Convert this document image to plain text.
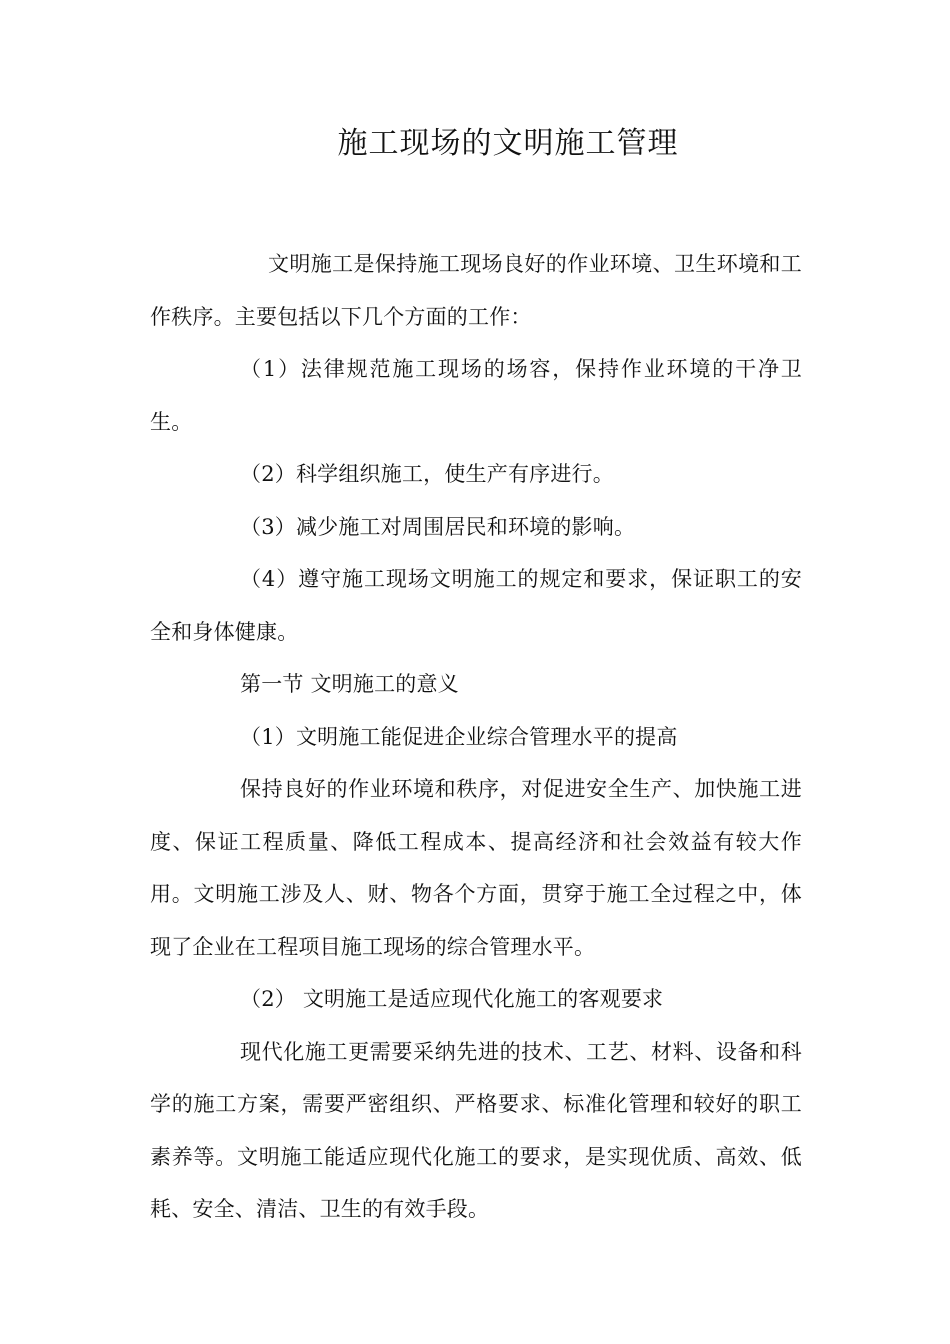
施工现场的文明施工管理

文明施工是保持施工现场良好的作业环境、卫生环境和工作秩序。主要包括以下几个方面的工作：

（1）法律规范施工现场的场容，保持作业环境的干净卫生。

（2）科学组织施工，使生产有序进行。

（3）减少施工对周围居民和环境的影响。

（4）遵守施工现场文明施工的规定和要求，保证职工的安全和身体健康。

第一节 文明施工的意义

（1）文明施工能促进企业综合管理水平的提高

保持良好的作业环境和秩序，对促进安全生产、加快施工进度、保证工程质量、降低工程成本、提高经济和社会效益有较大作用。文明施工涉及人、财、物各个方面，贯穿于施工全过程之中，体现了企业在工程项目施工现场的综合管理水平。

（2） 文明施工是适应现代化施工的客观要求

现代化施工更需要采纳先进的技术、工艺、材料、设备和科学的施工方案，需要严密组织、严格要求、标准化管理和较好的职工素养等。文明施工能适应现代化施工的要求，是实现优质、高效、低耗、安全、清洁、卫生的有效手段。
